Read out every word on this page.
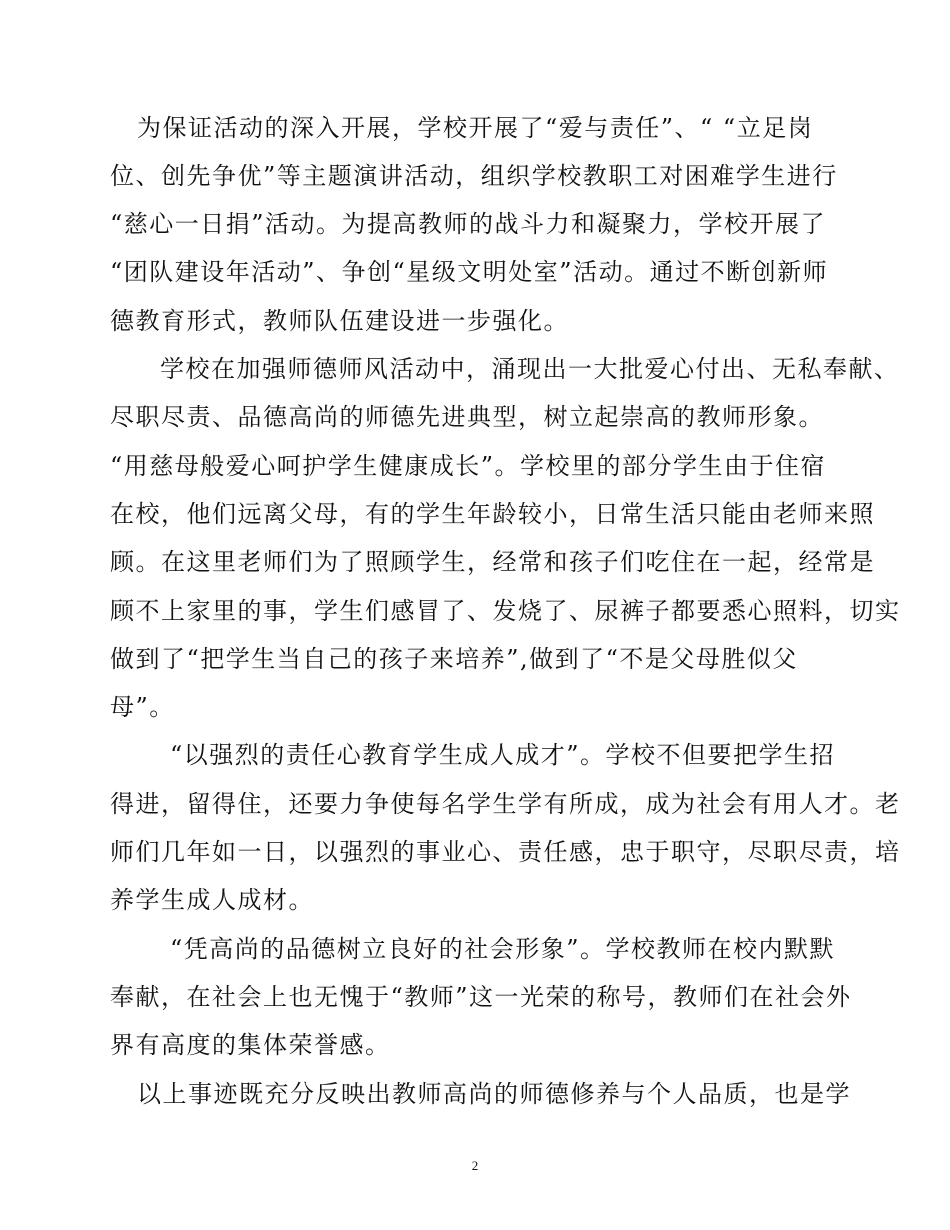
为保证活动的深入开展，学校开展了“爱与责任”、“ “立足岗
位、创先争优”等主题演讲活动，组织学校教职工对困难学生进行
“慈心一日捐”活动。为提高教师的战斗力和凝聚力，学校开展了
“团队建设年活动”、争创“星级文明处室”活动。通过不断创新师
德教育形式，教师队伍建设进一步强化。
学校在加强师德师风活动中，涌现出一大批爱心付出、无私奉献、
尽职尽责、品德高尚的师德先进典型，树立起崇高的教师形象。
“用慈母般爱心呵护学生健康成长”。学校里的部分学生由于住宿
在校，他们远离父母，有的学生年龄较小，日常生活只能由老师来照
顾。在这里老师们为了照顾学生，经常和孩子们吃住在一起，经常是
顾不上家里的事，学生们感冒了、发烧了、尿裤子都要悉心照料，切实
做到了“把学生当自己的孩子来培养”,做到了“不是父母胜似父
母”。
“以强烈的责任心教育学生成人成才”。学校不但要把学生招
得进，留得住，还要力争使每名学生学有所成，成为社会有用人才。老
师们几年如一日，以强烈的事业心、责任感，忠于职守，尽职尽责，培
养学生成人成材。
“凭高尚的品德树立良好的社会形象”。学校教师在校内默默
奉献，在社会上也无愧于“教师”这一光荣的称号，教师们在社会外
界有高度的集体荣誉感。
以上事迹既充分反映出教师高尚的师德修养与个人品质，也是学
2
